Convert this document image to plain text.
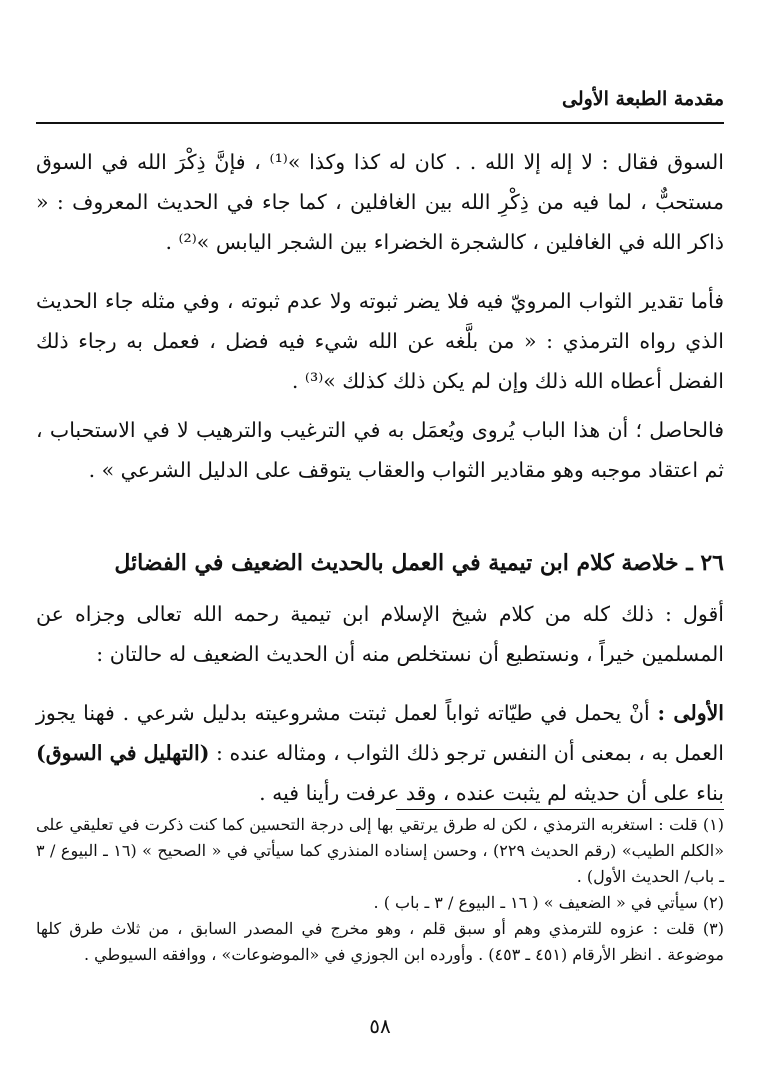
مقدمة الطبعة الأولى

السوق فقال : لا إله إلا الله . . كان له كذا وكذا »⁽¹⁾ ، فإنَّ ذِكْرَ الله في السوق مستحبٌّ ، لما فيه من ذِكْرِ الله بين الغافلين ، كما جاء في الحديث المعروف : « ذاكر الله في الغافلين ، كالشجرة الخضراء بين الشجر اليابس »⁽²⁾ .

فأما تقدير الثواب المرويّ فيه فلا يضر ثبوته ولا عدم ثبوته ، وفي مثله جاء الحديث الذي رواه الترمذي : « من بلَّغه عن الله شيء فيه فضل ، فعمل به رجاء ذلك الفضل أعطاه الله ذلك وإن لم يكن ذلك كذلك »⁽³⁾ .

فالحاصل ؛ أن هذا الباب يُروى ويُعمَل به في الترغيب والترهيب لا في الاستحباب ، ثم اعتقاد موجبه وهو مقادير الثواب والعقاب يتوقف على الدليل الشرعي » .

٢٦ ـ خلاصة كلام ابن تيمية في العمل بالحديث الضعيف في الفضائل

أقول : ذلك كله من كلام شيخ الإسلام ابن تيمية رحمه الله تعالى وجزاه عن المسلمين خيراً ، ونستطيع أن نستخلص منه أن الحديث الضعيف له حالتان :

الأولى : أنْ يحمل في طيّاته ثواباً لعمل ثبتت مشروعيته بدليل شرعي . فهنا يجوز العمل به ، بمعنى أن النفس ترجو ذلك الثواب ، ومثاله عنده : (التهليل في السوق) بناء على أن حديثه لم يثبت عنده ، وقد عرفت رأينا فيه .

(١) قلت : استغربه الترمذي ، لكن له طرق يرتقي بها إلى درجة التحسين كما كنت ذكرت في تعليقي على «الكلم الطيب» (رقم الحديث ٢٢٩) ، وحسن إسناده المنذري كما سيأتي في « الصحيح » (١٦ ـ البيوع / ٣ ـ باب/ الحديث الأول) .

(٢) سيأتي في « الضعيف » ( ١٦ ـ البيوع / ٣ ـ باب ) .

(٣) قلت : عزوه للترمذي وهم أو سبق قلم ، وهو مخرج في المصدر السابق ، من ثلاث طرق كلها موضوعة . انظر الأرقام (٤٥١ ـ ٤٥٣) . وأورده ابن الجوزي في «الموضوعات» ، ووافقه السيوطي .

٥٨
